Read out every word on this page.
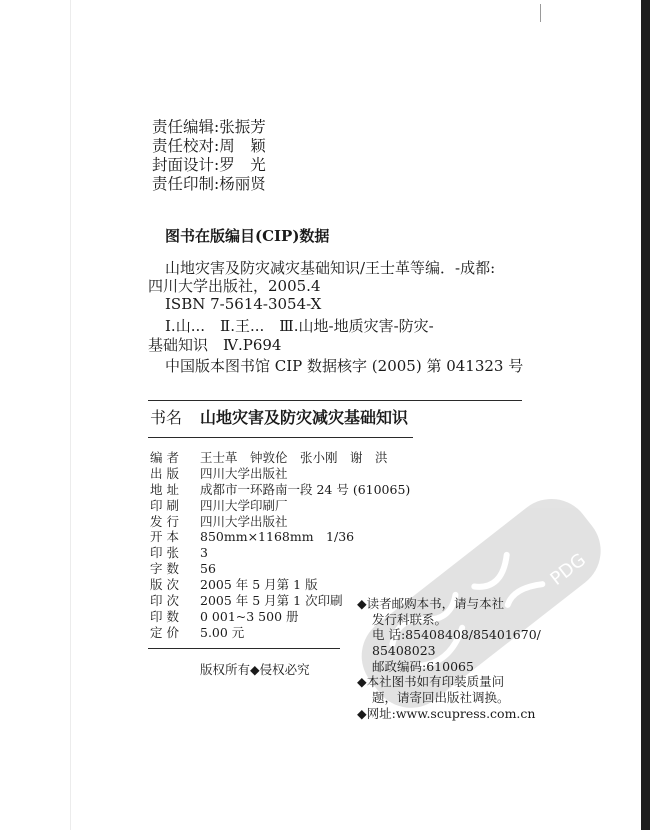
PDG
责任编辑:张振芳
责任校对:周　颖
封面设计:罗　光
责任印制:杨丽贤
图书在版编目(CIP)数据
山地灾害及防灾减灾基础知识/王士革等编．-成都:
四川大学出版社，2005.4
ISBN 7-5614-3054-X
Ⅰ.山...　Ⅱ.王...　Ⅲ.山地-地质灾害-防灾-
基础知识　Ⅳ.P694
中国版本图书馆 CIP 数据核字 (2005) 第 041323 号
书名 山地灾害及防灾减灾基础知识
编 者 王士革　钟敦伦　张小刚　谢　洪
出 版 四川大学出版社
地 址 成都市一环路南一段 24 号 (610065)
印 刷 四川大学印刷厂
发 行 四川大学出版社
开 本 850mm×1168mm　1/36
印 张 3
字 数 56
版 次 2005 年 5 月第 1 版
印 次 2005 年 5 月第 1 次印刷
印 数 0 001~3 500 册
定 价 5.00 元
版权所有◆侵权必究
◆读者邮购本书，请与本社
发行科联系。
电 话:85408408/85401670/
85408023
邮政编码:610065
◆本社图书如有印装质量问
题，请寄回出版社调换。
◆网址:www.scupress.com.cn
